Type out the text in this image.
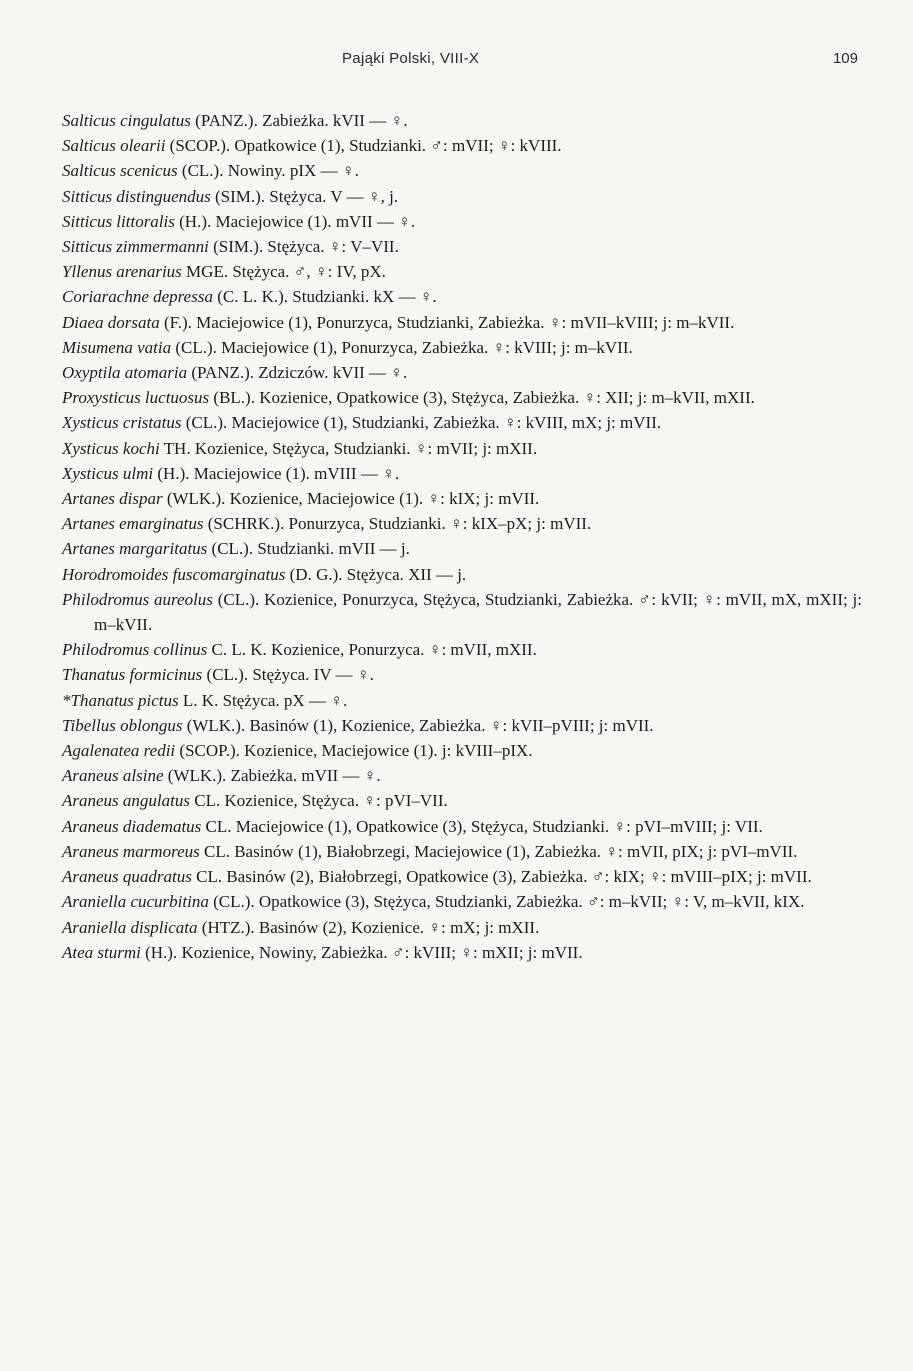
Pająki Polski, VIII-X	109

Salticus cingulatus (PANZ.). Zabieżka. kVII — ♀.

Salticus olearii (SCOP.). Opatkowice (1), Studzianki. ♂: mVII; ♀: kVIII.

Salticus scenicus (CL.). Nowiny. pIX — ♀.

Sitticus distinguendus (SIM.). Stężyca. V — ♀, j.

Sitticus littoralis (H.). Maciejowice (1). mVII — ♀.

Sitticus zimmermanni (SIM.). Stężyca. ♀: V–VII.

Yllenus arenarius MGE. Stężyca. ♂, ♀: IV, pX.

Coriarachne depressa (C. L. K.). Studzianki. kX — ♀.

Diaea dorsata (F.). Maciejowice (1), Ponurzyca, Studzianki, Zabieżka. ♀: mVII–kVIII; j: m–kVII.

Misumena vatia (CL.). Maciejowice (1), Ponurzyca, Zabieżka. ♀: kVIII; j: m–kVII.

Oxyptila atomaria (PANZ.). Zdziczów. kVII — ♀.

Proxysticus luctuosus (BL.). Kozienice, Opatkowice (3), Stężyca, Zabieżka. ♀: XII; j: m–kVII, mXII.

Xysticus cristatus (CL.). Maciejowice (1), Studzianki, Zabieżka. ♀: kVIII, mX; j: mVII.

Xysticus kochi TH. Kozienice, Stężyca, Studzianki. ♀: mVII; j: mXII.

Xysticus ulmi (H.). Maciejowice (1). mVIII — ♀.

Artanes dispar (WLK.). Kozienice, Maciejowice (1). ♀: kIX; j: mVII.

Artanes emarginatus (SCHRK.). Ponurzyca, Studzianki. ♀: kIX–pX; j: mVII.

Artanes margaritatus (CL.). Studzianki. mVII — j.

Horodromoides fuscomarginatus (D. G.). Stężyca. XII — j.

Philodromus aureolus (CL.). Kozienice, Ponurzyca, Stężyca, Studzianki, Zabieżka. ♂: kVII; ♀: mVII, mX, mXII; j: m–kVII.

Philodromus collinus C. L. K. Kozienice, Ponurzyca. ♀: mVII, mXII.

Thanatus formicinus (CL.). Stężyca. IV — ♀.

*Thanatus pictus L. K. Stężyca. pX — ♀.

Tibellus oblongus (WLK.). Basinów (1), Kozienice, Zabieżka. ♀: kVII–pVIII; j: mVII.

Agalenatea redii (SCOP.). Kozienice, Maciejowice (1). j: kVIII–pIX.

Araneus alsine (WLK.). Zabieżka. mVII — ♀.

Araneus angulatus CL. Kozienice, Stężyca. ♀: pVI–VII.

Araneus diadematus CL. Maciejowice (1), Opatkowice (3), Stężyca, Studzianki. ♀: pVI–mVIII; j: VII.

Araneus marmoreus CL. Basinów (1), Białobrzegi, Maciejowice (1), Zabieżka. ♀: mVII, pIX; j: pVI–mVII.

Araneus quadratus CL. Basinów (2), Białobrzegi, Opatkowice (3), Zabieżka. ♂: kIX; ♀: mVIII–pIX; j: mVII.

Araniella cucurbitina (CL.). Opatkowice (3), Stężyca, Studzianki, Zabieżka. ♂: m–kVII; ♀: V, m–kVII, kIX.

Araniella displicata (HTZ.). Basinów (2), Kozienice. ♀: mX; j: mXII.

Atea sturmi (H.). Kozienice, Nowiny, Zabieżka. ♂: kVIII; ♀: mXII; j: mVII.
